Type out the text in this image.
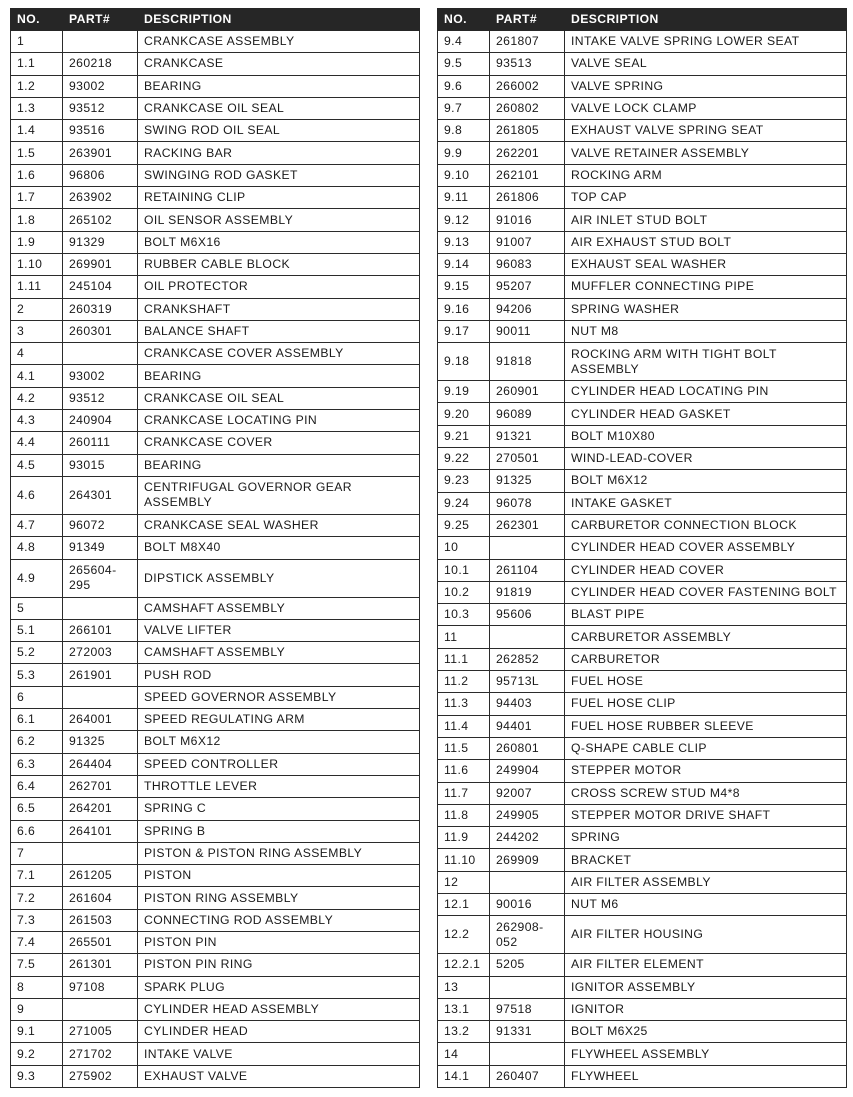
NO.	PART#	DESCRIPTION
1		CRANKCASE ASSEMBLY
1.1	260218	CRANKCASE
1.2	93002	BEARING
1.3	93512	CRANKCASE OIL SEAL
1.4	93516	SWING ROD OIL SEAL
1.5	263901	RACKING BAR
1.6	96806	SWINGING ROD GASKET
1.7	263902	RETAINING CLIP
1.8	265102	OIL SENSOR ASSEMBLY
1.9	91329	BOLT M6X16
1.10	269901	RUBBER CABLE BLOCK
1.11	245104	OIL PROTECTOR
2	260319	CRANKSHAFT
3	260301	BALANCE SHAFT
4		CRANKCASE COVER ASSEMBLY
4.1	93002	BEARING
4.2	93512	CRANKCASE OIL SEAL
4.3	240904	CRANKCASE LOCATING PIN
4.4	260111	CRANKCASE COVER
4.5	93015	BEARING
4.6	264301	CENTRIFUGAL GOVERNOR GEAR ASSEMBLY
4.7	96072	CRANKCASE SEAL WASHER
4.8	91349	BOLT M8X40
4.9	265604-295	DIPSTICK ASSEMBLY
5		CAMSHAFT ASSEMBLY
5.1	266101	VALVE LIFTER
5.2	272003	CAMSHAFT ASSEMBLY
5.3	261901	PUSH ROD
6		SPEED GOVERNOR ASSEMBLY
6.1	264001	SPEED REGULATING ARM
6.2	91325	BOLT M6X12
6.3	264404	SPEED CONTROLLER
6.4	262701	THROTTLE LEVER
6.5	264201	SPRING C
6.6	264101	SPRING B
7		PISTON & PISTON RING ASSEMBLY
7.1	261205	PISTON
7.2	261604	PISTON RING ASSEMBLY
7.3	261503	CONNECTING ROD ASSEMBLY
7.4	265501	PISTON PIN
7.5	261301	PISTON PIN RING
8	97108	SPARK PLUG
9		CYLINDER HEAD ASSEMBLY
9.1	271005	CYLINDER HEAD
9.2	271702	INTAKE VALVE
9.3	275902	EXHAUST VALVE
NO.	PART#	DESCRIPTION
9.4	261807	INTAKE VALVE SPRING LOWER SEAT
9.5	93513	VALVE SEAL
9.6	266002	VALVE SPRING
9.7	260802	VALVE LOCK CLAMP
9.8	261805	EXHAUST VALVE SPRING SEAT
9.9	262201	VALVE RETAINER ASSEMBLY
9.10	262101	ROCKING ARM
9.11	261806	TOP CAP
9.12	91016	AIR INLET STUD BOLT
9.13	91007	AIR EXHAUST STUD BOLT
9.14	96083	EXHAUST SEAL WASHER
9.15	95207	MUFFLER CONNECTING PIPE
9.16	94206	SPRING WASHER
9.17	90011	NUT M8
9.18	91818	ROCKING ARM WITH TIGHT BOLT ASSEMBLY
9.19	260901	CYLINDER HEAD LOCATING PIN
9.20	96089	CYLINDER HEAD GASKET
9.21	91321	BOLT M10X80
9.22	270501	WIND-LEAD-COVER
9.23	91325	BOLT M6X12
9.24	96078	INTAKE GASKET
9.25	262301	CARBURETOR CONNECTION BLOCK
10		CYLINDER HEAD COVER ASSEMBLY
10.1	261104	CYLINDER HEAD COVER
10.2	91819	CYLINDER HEAD COVER FASTENING BOLT
10.3	95606	BLAST PIPE
11		CARBURETOR ASSEMBLY
11.1	262852	CARBURETOR
11.2	95713L	FUEL HOSE
11.3	94403	FUEL HOSE CLIP
11.4	94401	FUEL HOSE RUBBER SLEEVE
11.5	260801	Q-SHAPE CABLE CLIP
11.6	249904	STEPPER MOTOR
11.7	92007	CROSS SCREW STUD M4*8
11.8	249905	STEPPER MOTOR DRIVE SHAFT
11.9	244202	SPRING
11.10	269909	BRACKET
12		AIR FILTER ASSEMBLY
12.1	90016	NUT M6
12.2	262908-052	AIR FILTER HOUSING
12.2.1	5205	AIR FILTER ELEMENT
13		IGNITOR ASSEMBLY
13.1	97518	IGNITOR
13.2	91331	BOLT M6X25
14		FLYWHEEL ASSEMBLY
14.1	260407	FLYWHEEL
